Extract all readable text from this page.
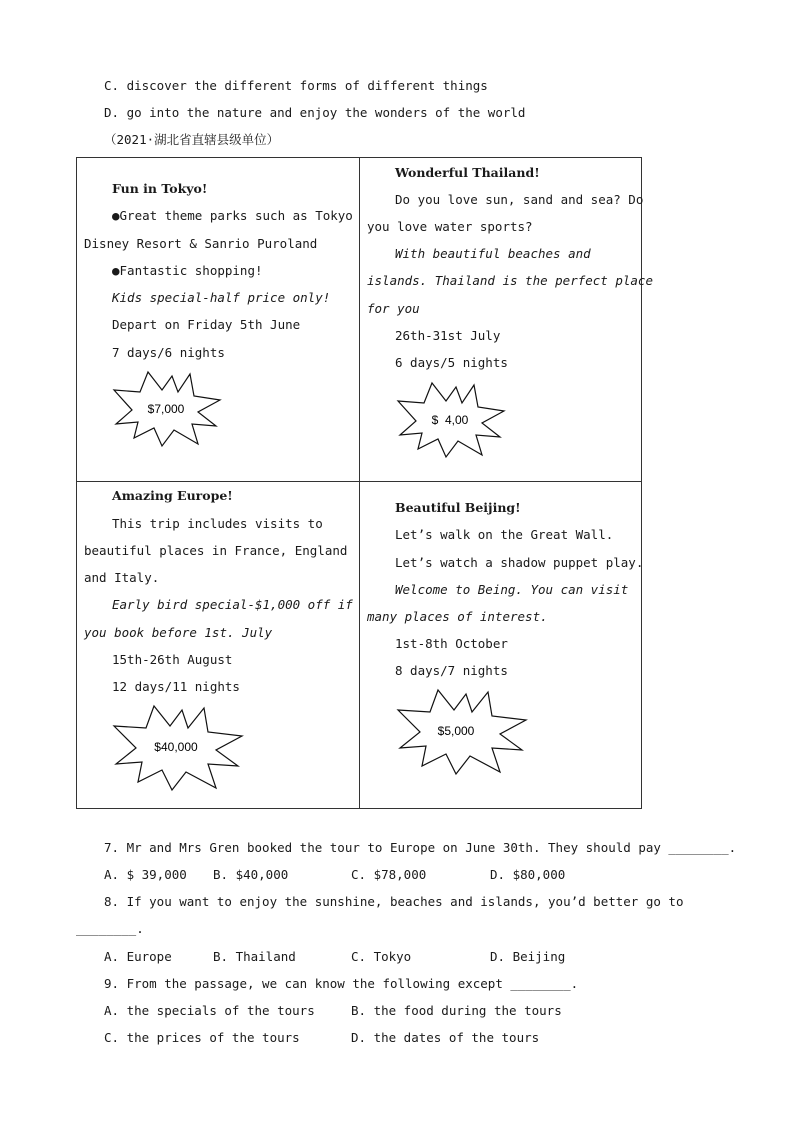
C. discover the different forms of different things
D. go into the nature and enjoy the wonders of the world
（2021·湖北省直辖县级单位）
Fun in Tokyo!
●Great theme parks such as Tokyo
Disney Resort & Sanrio Puroland
●Fantastic shopping!
Kids special-half price only!
Depart on Friday 5th June
7 days/6 nights
$7,000
Wonderful Thailand!
Do you love sun, sand and sea? Do
you love water sports?
With beautiful beaches and
islands. Thailand is the perfect place
for you
26th-31st July
6 days/5 nights
$  4,00
Amazing Europe!
This trip includes visits to
beautiful places in France, England
and Italy.
Early bird special-$1,000 off if
you book before 1st. July
15th-26th August
12 days/11 nights
$40,000
Beautiful Beijing!
Let’s walk on the Great Wall.
Let’s watch a shadow puppet play.
Welcome to Being. You can visit
many places of interest.
1st-8th October
8 days/7 nights
$5,000
7. Mr and Mrs Gren booked the tour to Europe on June 30th. They should pay ________.
A. $ 39,000 B. $40,000	C. $78,000	D. $80,000
8. If you want to enjoy the sunshine, beaches and islands, you’d better go to
________.
A. Europe	B. Thailand	C. Tokyo	D. Beijing
9. From the passage, we can know the following except ________.
A. the specials of the tours	B. the food during the tours
C. the prices of the tours	D. the dates of the tours
